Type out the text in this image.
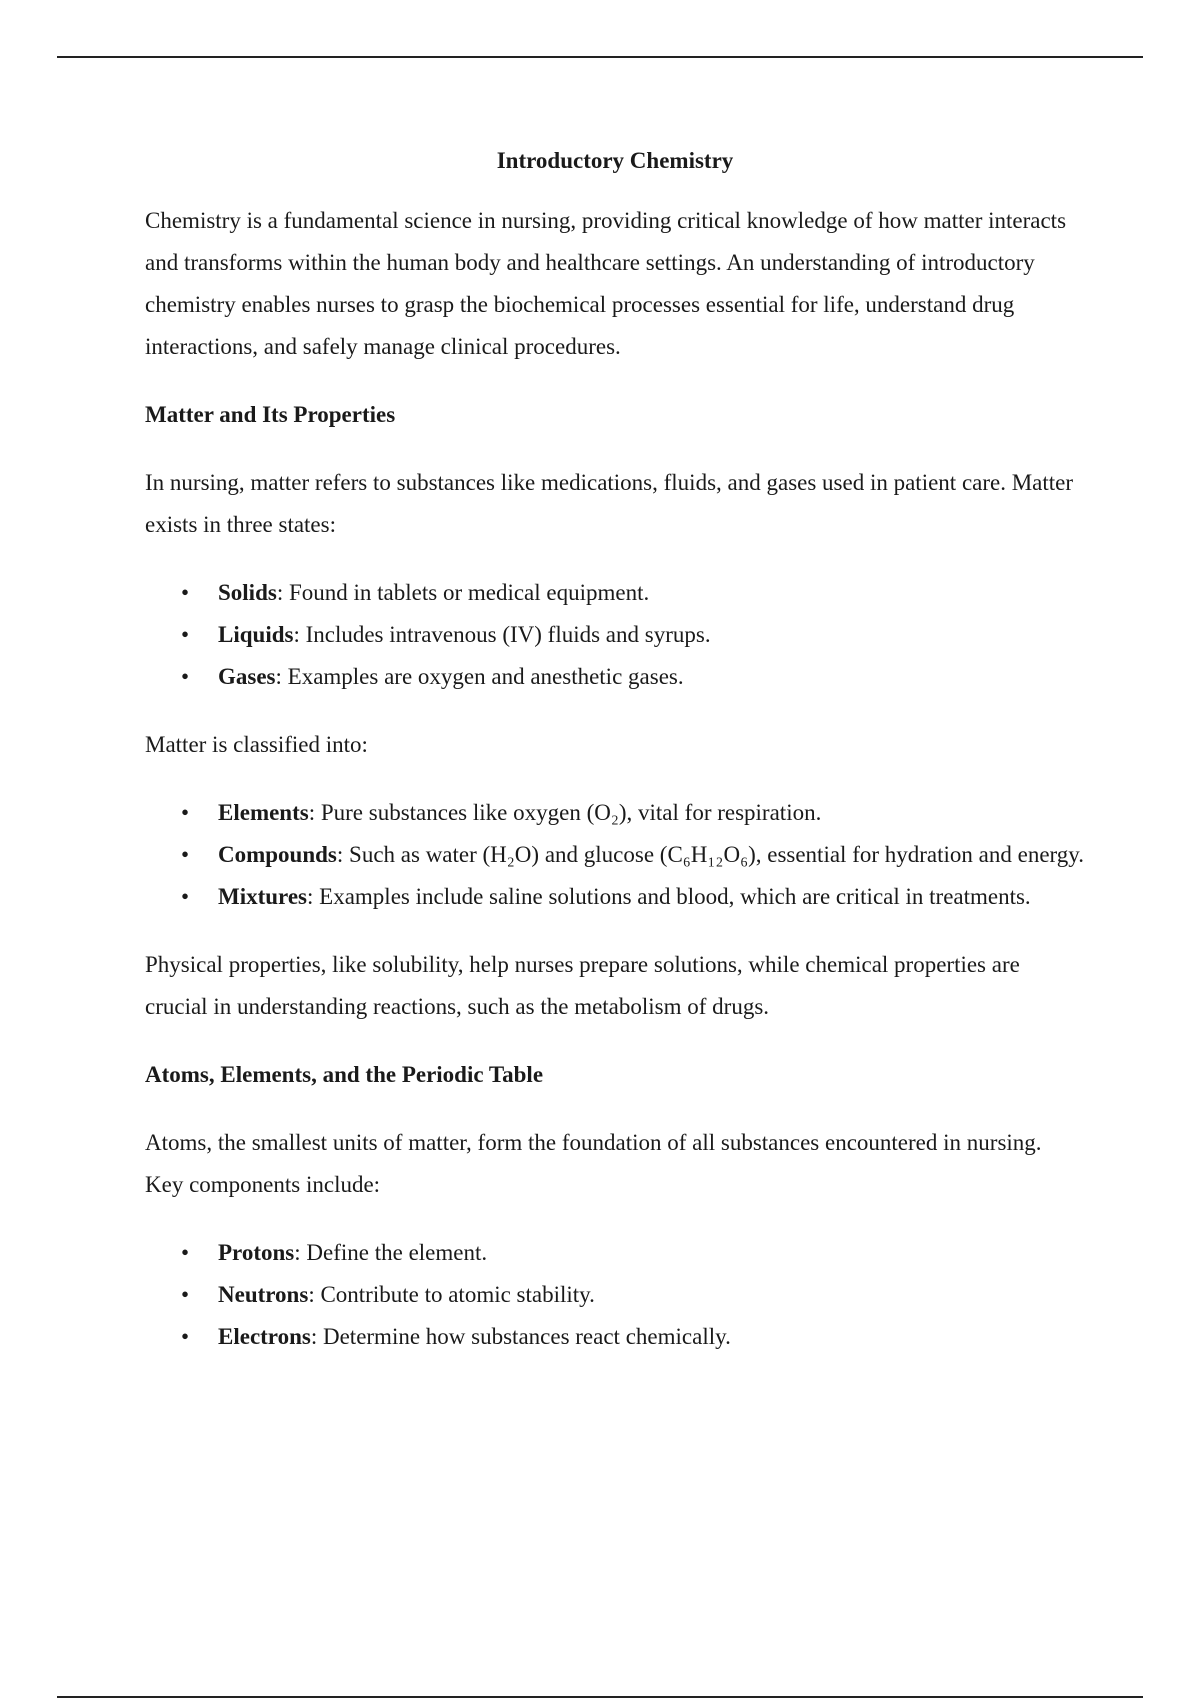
Introductory Chemistry

Chemistry is a fundamental science in nursing, providing critical knowledge of how matter interacts and transforms within the human body and healthcare settings. An understanding of introductory chemistry enables nurses to grasp the biochemical processes essential for life, understand drug interactions, and safely manage clinical procedures.

Matter and Its Properties

In nursing, matter refers to substances like medications, fluids, and gases used in patient care. Matter exists in three states:

• Solids: Found in tablets or medical equipment.
• Liquids: Includes intravenous (IV) fluids and syrups.
• Gases: Examples are oxygen and anesthetic gases.

Matter is classified into:

• Elements: Pure substances like oxygen (O₂), vital for respiration.
• Compounds: Such as water (H₂O) and glucose (C₆H₁₂O₆), essential for hydration and energy.
• Mixtures: Examples include saline solutions and blood, which are critical in treatments.

Physical properties, like solubility, help nurses prepare solutions, while chemical properties are crucial in understanding reactions, such as the metabolism of drugs.

Atoms, Elements, and the Periodic Table

Atoms, the smallest units of matter, form the foundation of all substances encountered in nursing. Key components include:

• Protons: Define the element.
• Neutrons: Contribute to atomic stability.
• Electrons: Determine how substances react chemically.
